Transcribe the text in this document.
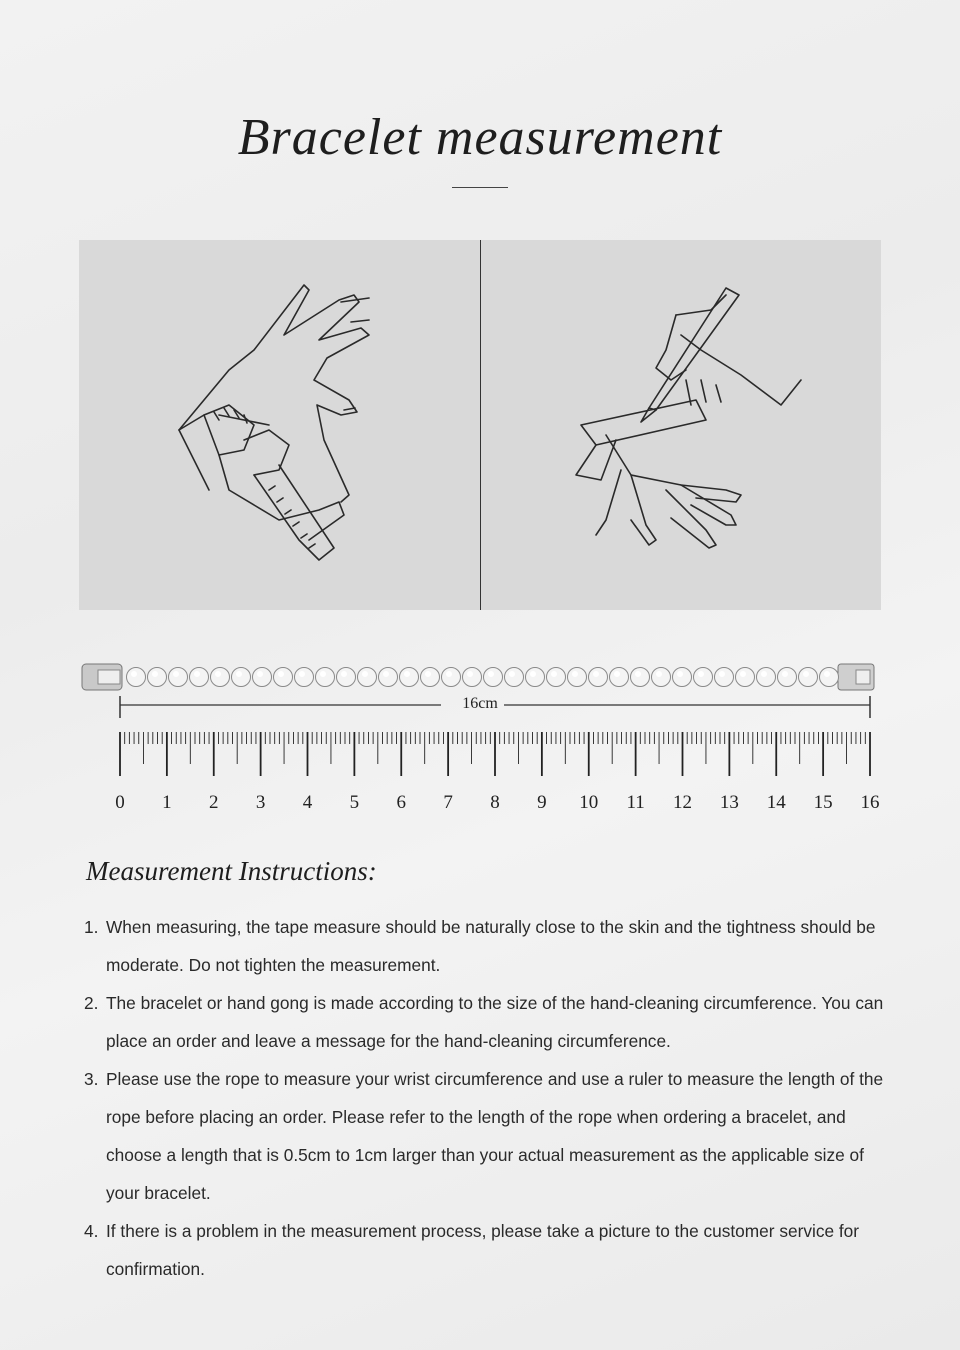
Bracelet measurement
16cm
0 1 2 3 4 5 6 7 8 9 10 11 12 13 14 15 16
Measurement Instructions:
1. When measuring, the tape measure should be naturally close to the skin and the tightness should be moderate. Do not tighten the measurement.
2. The bracelet or hand gong is made according to the size of the hand-cleaning circumference. You can place an order and leave a message for the hand-cleaning circumference.
3. Please use the rope to measure your wrist circumference and use a ruler to measure the length of the rope before placing an order. Please refer to the length of the rope when ordering a bracelet, and choose a length that is 0.5cm to 1cm larger than your actual measurement as the applicable size of your bracelet.
4. If there is a problem in the measurement process, please take a picture to the customer service for confirmation.
